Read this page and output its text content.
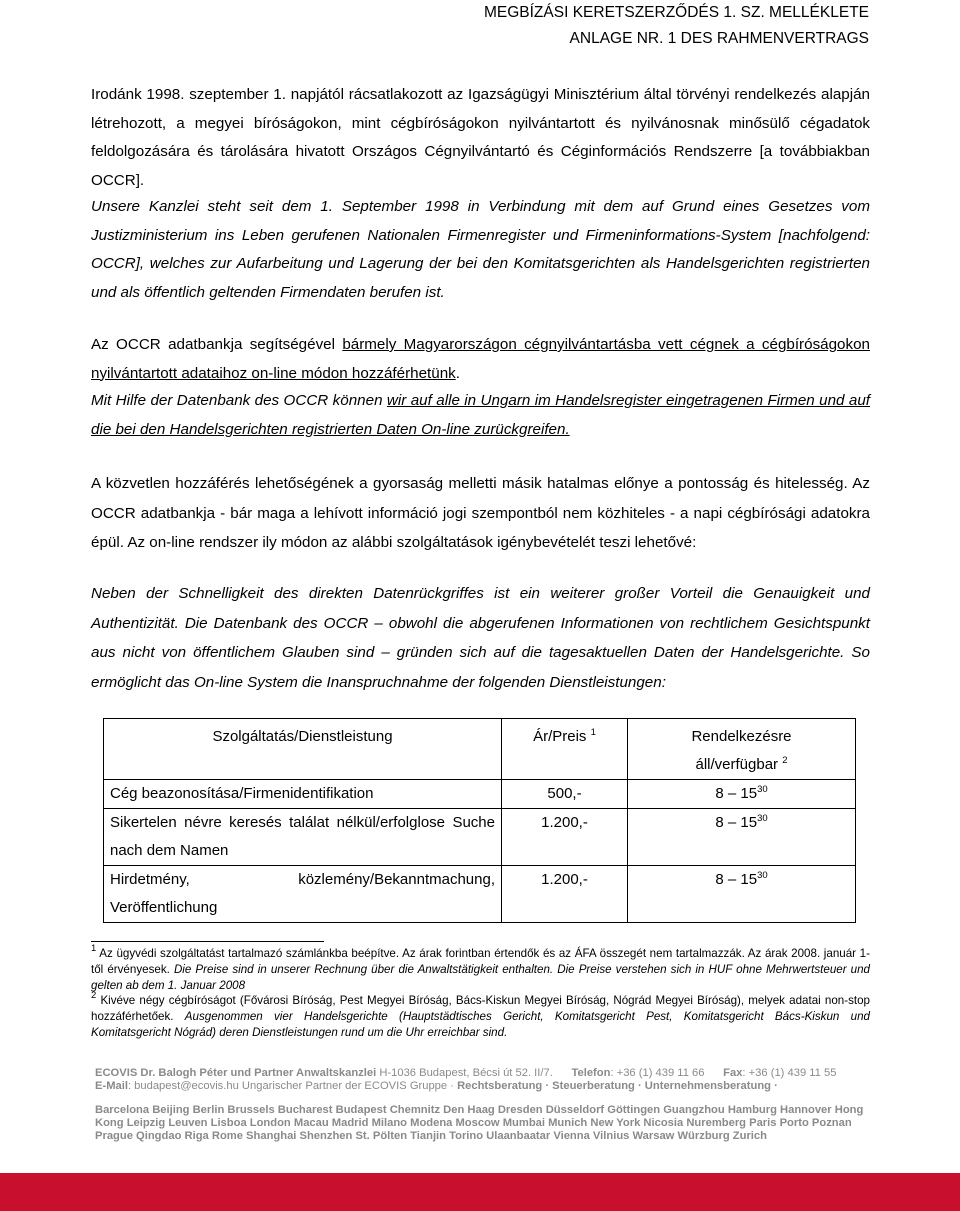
MEGBÍZÁSI KERETSZERZŐDÉS 1. SZ. MELLÉKLETE
ANLAGE NR. 1 DES RAHMENVERTRAGS

Irodánk 1998. szeptember 1. napjától rácsatlakozott az Igazságügyi Minisztérium által törvényi rendelkezés alapján létrehozott, a megyei bíróságokon, mint cégbíróságokon nyilvántartott és nyilvánosnak minősülő cégadatok feldolgozására és tárolására hivatott Országos Cégnyilvántartó és Céginformációs Rendszerre [a továbbiakban OCCR].

Unsere Kanzlei steht seit dem 1. September 1998 in Verbindung mit dem auf Grund eines Gesetzes vom Justizministerium ins Leben gerufenen Nationalen Firmenregister und Firmeninformations-System [nachfolgend: OCCR], welches zur Aufarbeitung und Lagerung der bei den Komitatsgerichten als Handelsgerichten registrierten und als öffentlich geltenden Firmendaten berufen ist.

Az OCCR adatbankja segítségével bármely Magyarországon cégnyilvántartásba vett cégnek a cégbíróságokon nyilvántartott adataihoz on-line módon hozzáférhetünk.

Mit Hilfe der Datenbank des OCCR können wir auf alle in Ungarn im Handelsregister eingetragenen Firmen und auf die bei den Handelsgerichten registrierten Daten On-line zurückgreifen.

A közvetlen hozzáférés lehetőségének a gyorsaság melletti másik hatalmas előnye a pontosság és hitelesség. Az OCCR adatbankja - bár maga a lehívott információ jogi szempontból nem közhiteles - a napi cégbírósági adatokra épül. Az on-line rendszer ily módon az alábbi szolgáltatások igénybevételét teszi lehetővé:

Neben der Schnelligkeit des direkten Datenrückgriffes ist ein weiterer großer Vorteil die Genauigkeit und Authentizität. Die Datenbank des OCCR – obwohl die abgerufenen Informationen von rechtlichem Gesichtspunkt aus nicht von öffentlichem Glauben sind – gründen sich auf die tagesaktuellen Daten der Handelsgerichte. So ermöglicht das On-line System die Inanspruchnahme der folgenden Dienstleistungen:

Szolgáltatás/Dienstleistung	Ár/Preis $^1$	Rendelkezésre
áll/verfügbar $^2$
Cég beazonosítása/Firmenidentifikation	500,-	$8 - 15^{30}$
Sikertelen névre keresés találat nélkül/erfolglose Suche nach dem Namen	1.200,-	$8 - 15^{30}$
Hirdetmény, közlemény/Bekanntmachung, Veröffentlichung	1.200,-	$8 - 15^{30}$

$^1$ Az ügyvédi szolgáltatást tartalmazó számlánkba beépítve. Az árak forintban értendők és az ÁFA összegét nem tartalmazzák. Az árak 2008. január 1-től érvényesek. Die Preise sind in unserer Rechnung über die Anwaltstätigkeit enthalten. Die Preise verstehen sich in HUF ohne Mehrwertsteuer und gelten ab dem 1. Januar 2008

$^2$ Kivéve négy cégbíróságot (Fővárosi Bíróság, Pest Megyei Bíróság, Bács-Kiskun Megyei Bíróság, Nógrád Megyei Bíróság), melyek adatai non-stop hozzáférhetőek. Ausgenommen vier Handelsgerichte (Hauptstädtisches Gericht, Komitatsgericht Pest, Komitatsgericht Bács-Kiskun und Komitatsgericht Nógrád) deren Dienstleistungen rund um die Uhr erreichbar sind.

ECOVIS Dr. Balogh Péter und Partner Anwaltskanzlei H-1036 Budapest, Bécsi út 52. II/7. Telefon: +36 (1) 439 11 66 Fax: +36 (1) 439 11 55

E-Mail: budapest@ecovis.hu Ungarischer Partner der ECOVIS Gruppe · Rechtsberatung · Steuerberatung · Unternehmensberatung ·

Barcelona Beijing Berlin Brussels Bucharest Budapest Chemnitz Den Haag Dresden Düsseldorf Göttingen Guangzhou Hamburg Hannover Hong Kong Leipzig Leuven Lisboa London Macau Madrid Milano Modena Moscow Mumbai Munich New York Nicosia Nuremberg Paris Porto Poznan Prague Qingdao Riga Rome Shanghai Shenzhen St. Pölten Tianjin Torino Ulaanbaatar Vienna Vilnius Warsaw Würzburg Zurich
